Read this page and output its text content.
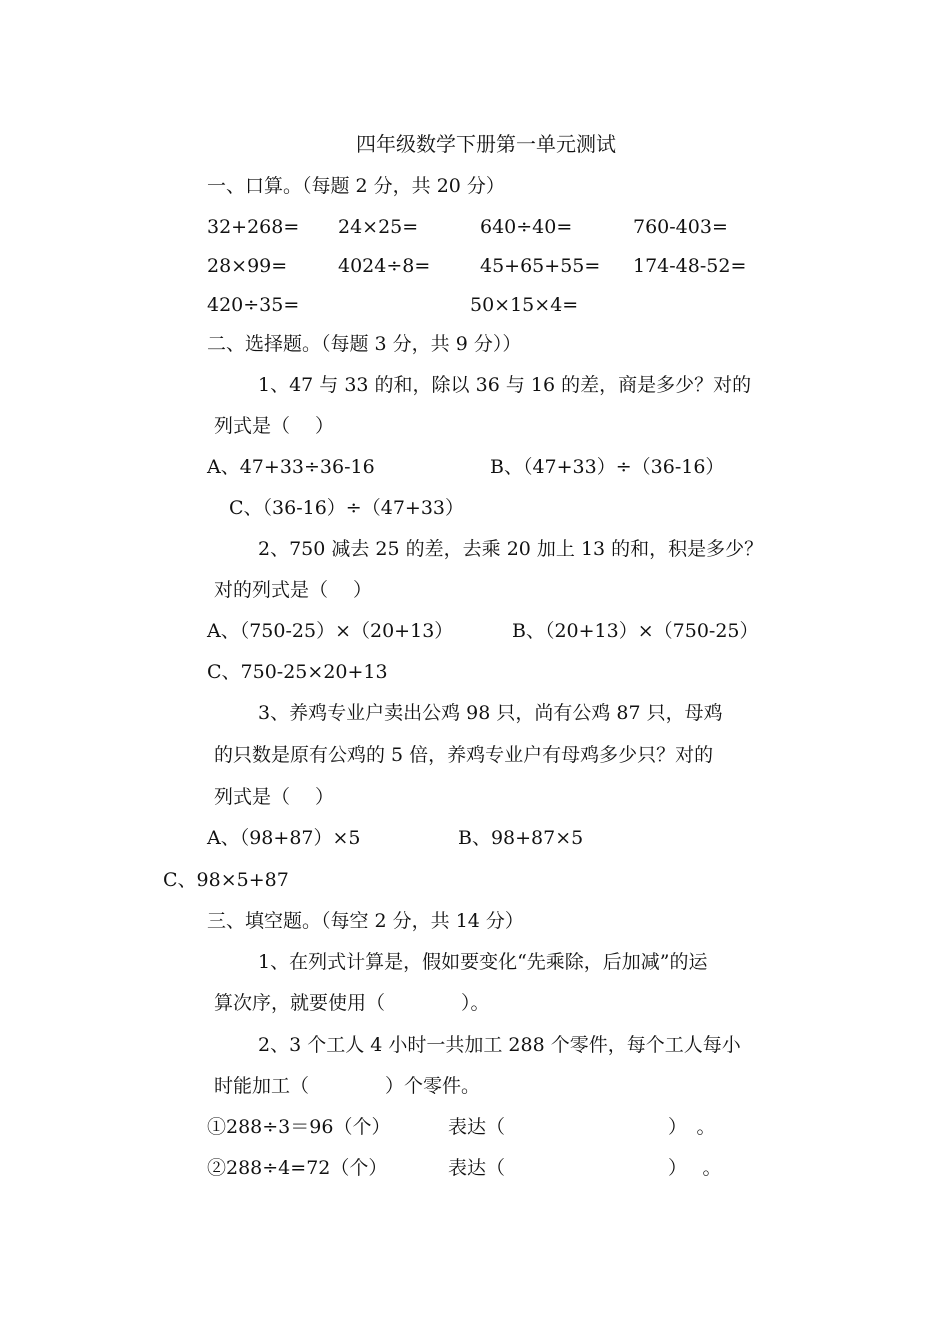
四年级数学下册第一单元测试
一、口算。（每题 2 分，共 20 分）
32+268= 24×25=	640÷40=	760-403=
28×99=	4024÷8=	45+65+55= 174-48-52=
420÷35=	50×15×4=
二、选择题。（每题 3 分，共 9 分））
1、47 与 33 的和，除以 36 与 16 的差，商是多少？对的
列式是（　 ）
A、47+33÷36-16	B、（47+33）÷（36-16）
C、（36-16）÷（47+33）
2、750 减去 25 的差，去乘 20 加上 13 的和，积是多少？
对的列式是（　 ）
A、（750-25）×（20+13）	B、（20+13）×（750-25）
C、750-25×20+13
3、养鸡专业户卖出公鸡 98 只，尚有公鸡 87 只，母鸡
的只数是原有公鸡的 5 倍，养鸡专业户有母鸡多少只？对的
列式是（　 ）
A、（98+87）×5	B、98+87×5
C、98×5+87
三、填空题。（每空 2 分，共 14 分）
1、在列式计算是，假如要变化“先乘除，后加减”的运
算次序，就要使用（　　　　）。
2、3 个工人 4 小时一共加工 288 个零件，每个工人每小
时能加工（　　　　）个零件。
①288÷3＝96（个）	表达（	）　。
②288÷4=72（个）	表达（	）　 。
